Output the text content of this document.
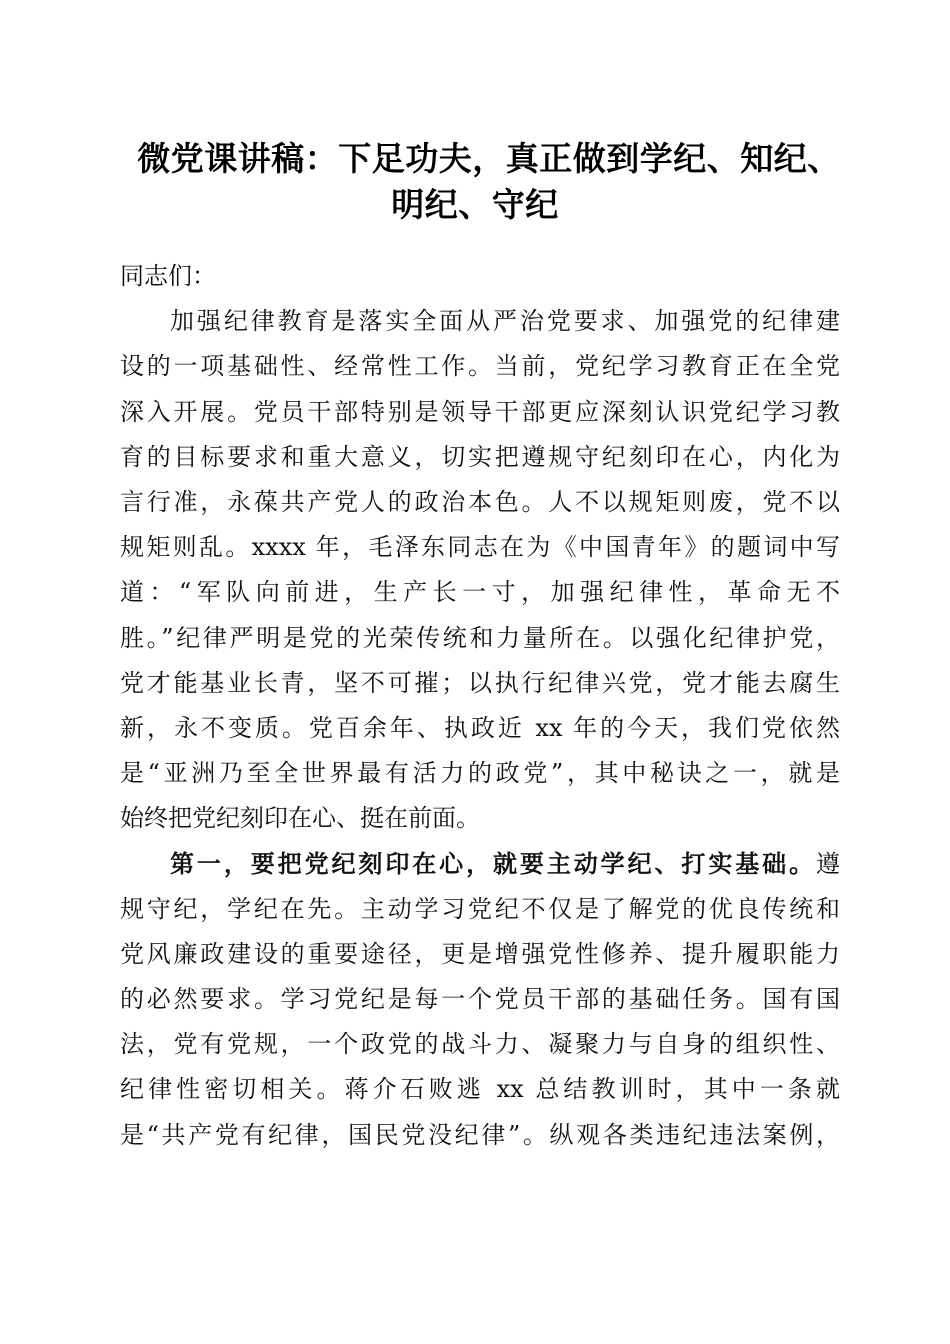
微党课讲稿：下足功夫，真正做到学纪、知纪、
明纪、守纪
同志们：
加强纪律教育是落实全面从严治党要求、加强党的纪律建
设的一项基础性、经常性工作。当前，党纪学习教育正在全党
深入开展。党员干部特别是领导干部更应深刻认识党纪学习教
育的目标要求和重大意义，切实把遵规守纪刻印在心，内化为
言行准，永葆共产党人的政治本色。人不以规矩则废，党不以
规矩则乱。xxxx 年，毛泽东同志在为《中国青年》的题词中写
道：“军队向前进，生产长一寸，加强纪律性，革命无不
胜。”纪律严明是党的光荣传统和力量所在。以强化纪律护党，
党才能基业长青，坚不可摧；以执行纪律兴党，党才能去腐生
新，永不变质。党百余年、执政近 xx 年的今天，我们党依然
是“亚洲乃至全世界最有活力的政党”，其中秘诀之一，就是
始终把党纪刻印在心、挺在前面。
第一，要把党纪刻印在心，就要主动学纪、打实基础。遵
规守纪，学纪在先。主动学习党纪不仅是了解党的优良传统和
党风廉政建设的重要途径，更是增强党性修养、提升履职能力
的必然要求。学习党纪是每一个党员干部的基础任务。国有国
法，党有党规，一个政党的战斗力、凝聚力与自身的组织性、
纪律性密切相关。蒋介石败逃 xx 总结教训时，其中一条就
是“共产党有纪律，国民党没纪律”。纵观各类违纪违法案例，
